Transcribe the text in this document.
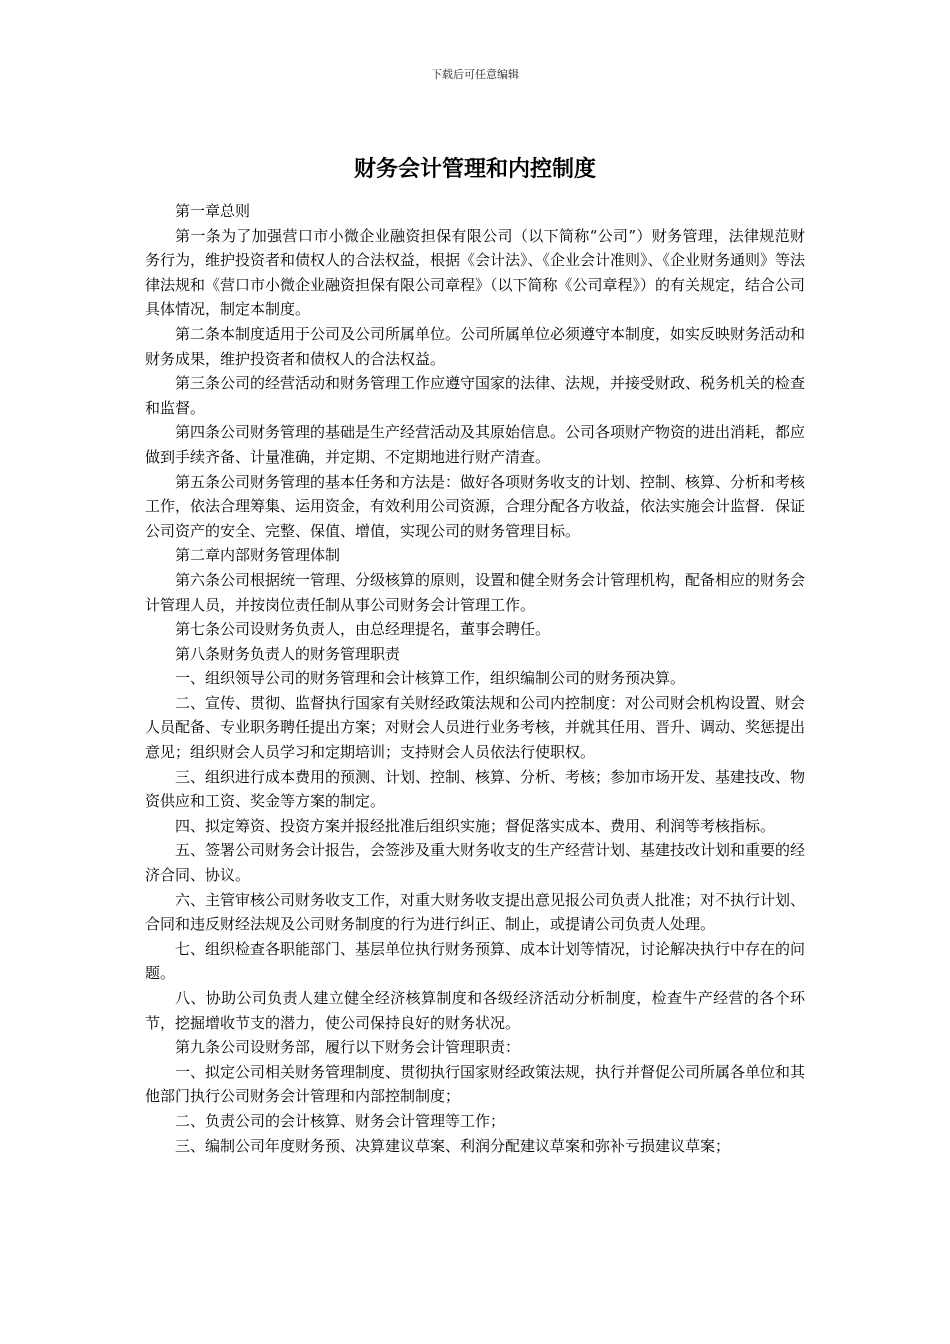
下载后可任意编辑
财务会计管理和内控制度

第一章总则

第一条为了加强营口市小微企业融资担保有限公司（以下简称“公司”）财务管理，法律规范财务行为，维护投资者和债权人的合法权益，根据《会计法》、《企业会计准则》、《企业财务通则》等法律法规和《营口市小微企业融资担保有限公司章程》（以下简称《公司章程》）的有关规定，结合公司具体情况，制定本制度。

第二条本制度适用于公司及公司所属单位。公司所属单位必须遵守本制度，如实反映财务活动和财务成果，维护投资者和债权人的合法权益。

第三条公司的经营活动和财务管理工作应遵守国家的法律、法规，并接受财政、税务机关的检查和监督。

第四条公司财务管理的基础是生产经营活动及其原始信息。公司各项财产物资的进出消耗，都应做到手续齐备、计量准确，并定期、不定期地进行财产清查。

第五条公司财务管理的基本任务和方法是：做好各项财务收支的计划、控制、核算、分析和考核工作，依法合理筹集、运用资金，有效利用公司资源，合理分配各方收益，依法实施会计监督．保证公司资产的安全、完整、保值、增值，实现公司的财务管理目标。

第二章内部财务管理体制

第六条公司根据统一管理、分级核算的原则，设置和健全财务会计管理机构，配备相应的财务会计管理人员，并按岗位责任制从事公司财务会计管理工作。

第七条公司设财务负责人，由总经理提名，董事会聘任。

第八条财务负责人的财务管理职责

一、组织领导公司的财务管理和会计核算工作，组织编制公司的财务预决算。

二、宣传、贯彻、监督执行国家有关财经政策法规和公司内控制度：对公司财会机构设置、财会人员配备、专业职务聘任提出方案；对财会人员进行业务考核，并就其任用、晋升、调动、奖惩提出意见；组织财会人员学习和定期培训；支持财会人员依法行使职权。

三、组织进行成本费用的预测、计划、控制、核算、分析、考核；参加市场开发、基建技改、物资供应和工资、奖金等方案的制定。

四、拟定筹资、投资方案并报经批准后组织实施；督促落实成本、费用、利润等考核指标。

五、签署公司财务会计报告，会签涉及重大财务收支的生产经营计划、基建技改计划和重要的经济合同、协议。

六、主管审核公司财务收支工作，对重大财务收支提出意见报公司负责人批准；对不执行计划、合同和违反财经法规及公司财务制度的行为进行纠正、制止，或提请公司负责人处理。

七、组织检查各职能部门、基层单位执行财务预算、成本计划等情况，讨论解决执行中存在的问题。

八、协助公司负责人建立健全经济核算制度和各级经济活动分析制度，检查牛产经营的各个环节，挖掘增收节支的潜力，使公司保持良好的财务状况。

第九条公司设财务部，履行以下财务会计管理职责：

一、拟定公司相关财务管理制度、贯彻执行国家财经政策法规，执行并督促公司所属各单位和其他部门执行公司财务会计管理和内部控制制度；

二、负责公司的会计核算、财务会计管理等工作；

三、编制公司年度财务预、决算建议草案、利润分配建议草案和弥补亏损建议草案；
